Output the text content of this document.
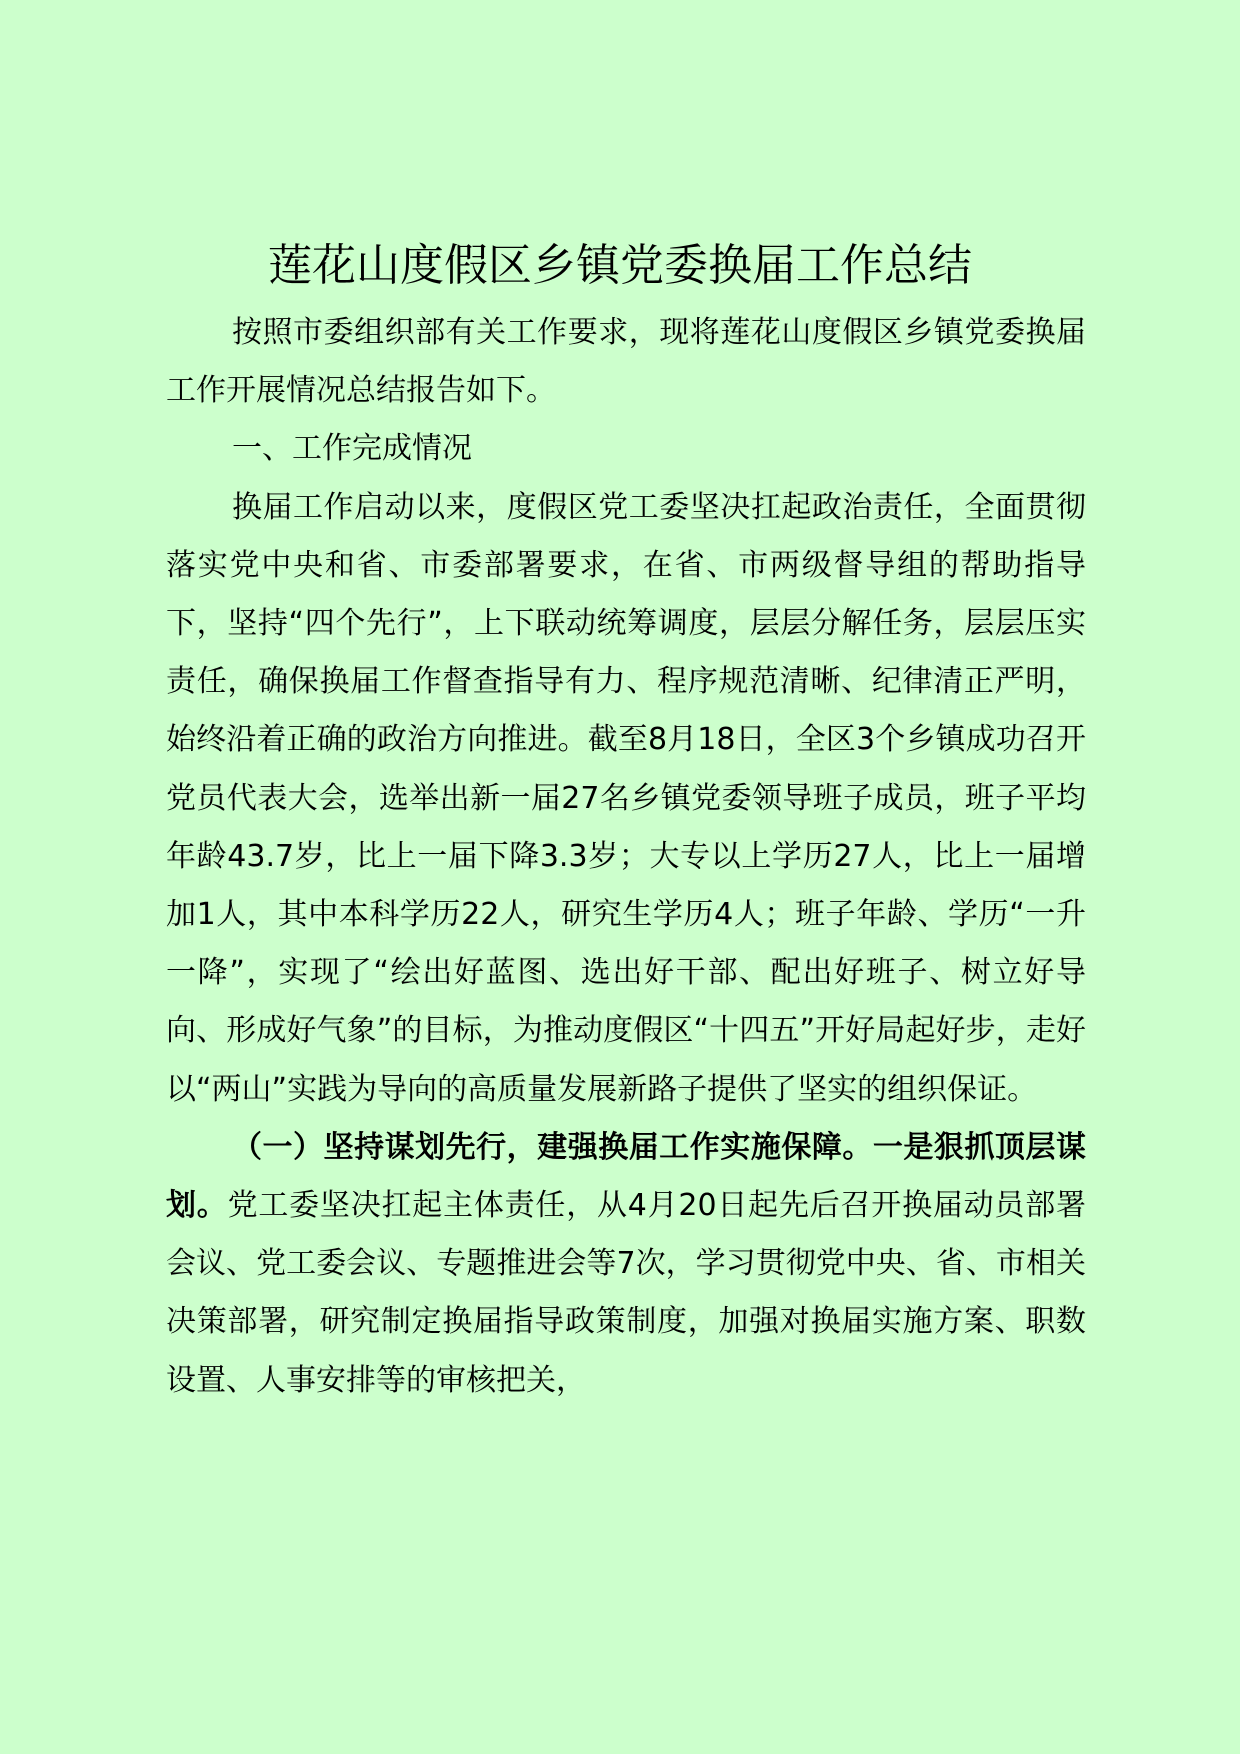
莲花山度假区乡镇党委换届工作总结

按照市委组织部有关工作要求，现将莲花山度假区乡镇党委换届工作开展情况总结报告如下。

一、工作完成情况

换届工作启动以来，度假区党工委坚决扛起政治责任，全面贯彻落实党中央和省、市委部署要求，在省、市两级督导组的帮助指导下，坚持“四个先行”，上下联动统筹调度，层层分解任务，层层压实责任，确保换届工作督查指导有力、程序规范清晰、纪律清正严明，始终沿着正确的政治方向推进。截至8月18日，全区3个乡镇成功召开党员代表大会，选举出新一届27名乡镇党委领导班子成员，班子平均年龄43.7岁，比上一届下降3.3岁；大专以上学历27人，比上一届增加1人，其中本科学历22人，研究生学历4人；班子年龄、学历“一升一降”，实现了“绘出好蓝图、选出好干部、配出好班子、树立好导向、形成好气象”的目标，为推动度假区“十四五”开好局起好步，走好以“两山”实践为导向的高质量发展新路子提供了坚实的组织保证。

（一）坚持谋划先行，建强换届工作实施保障。一是狠抓顶层谋划。党工委坚决扛起主体责任，从4月20日起先后召开换届动员部署会议、党工委会议、专题推进会等7次，学习贯彻党中央、省、市相关决策部署，研究制定换届指导政策制度，加强对换届实施方案、职数设置、人事安排等的审核把关，
